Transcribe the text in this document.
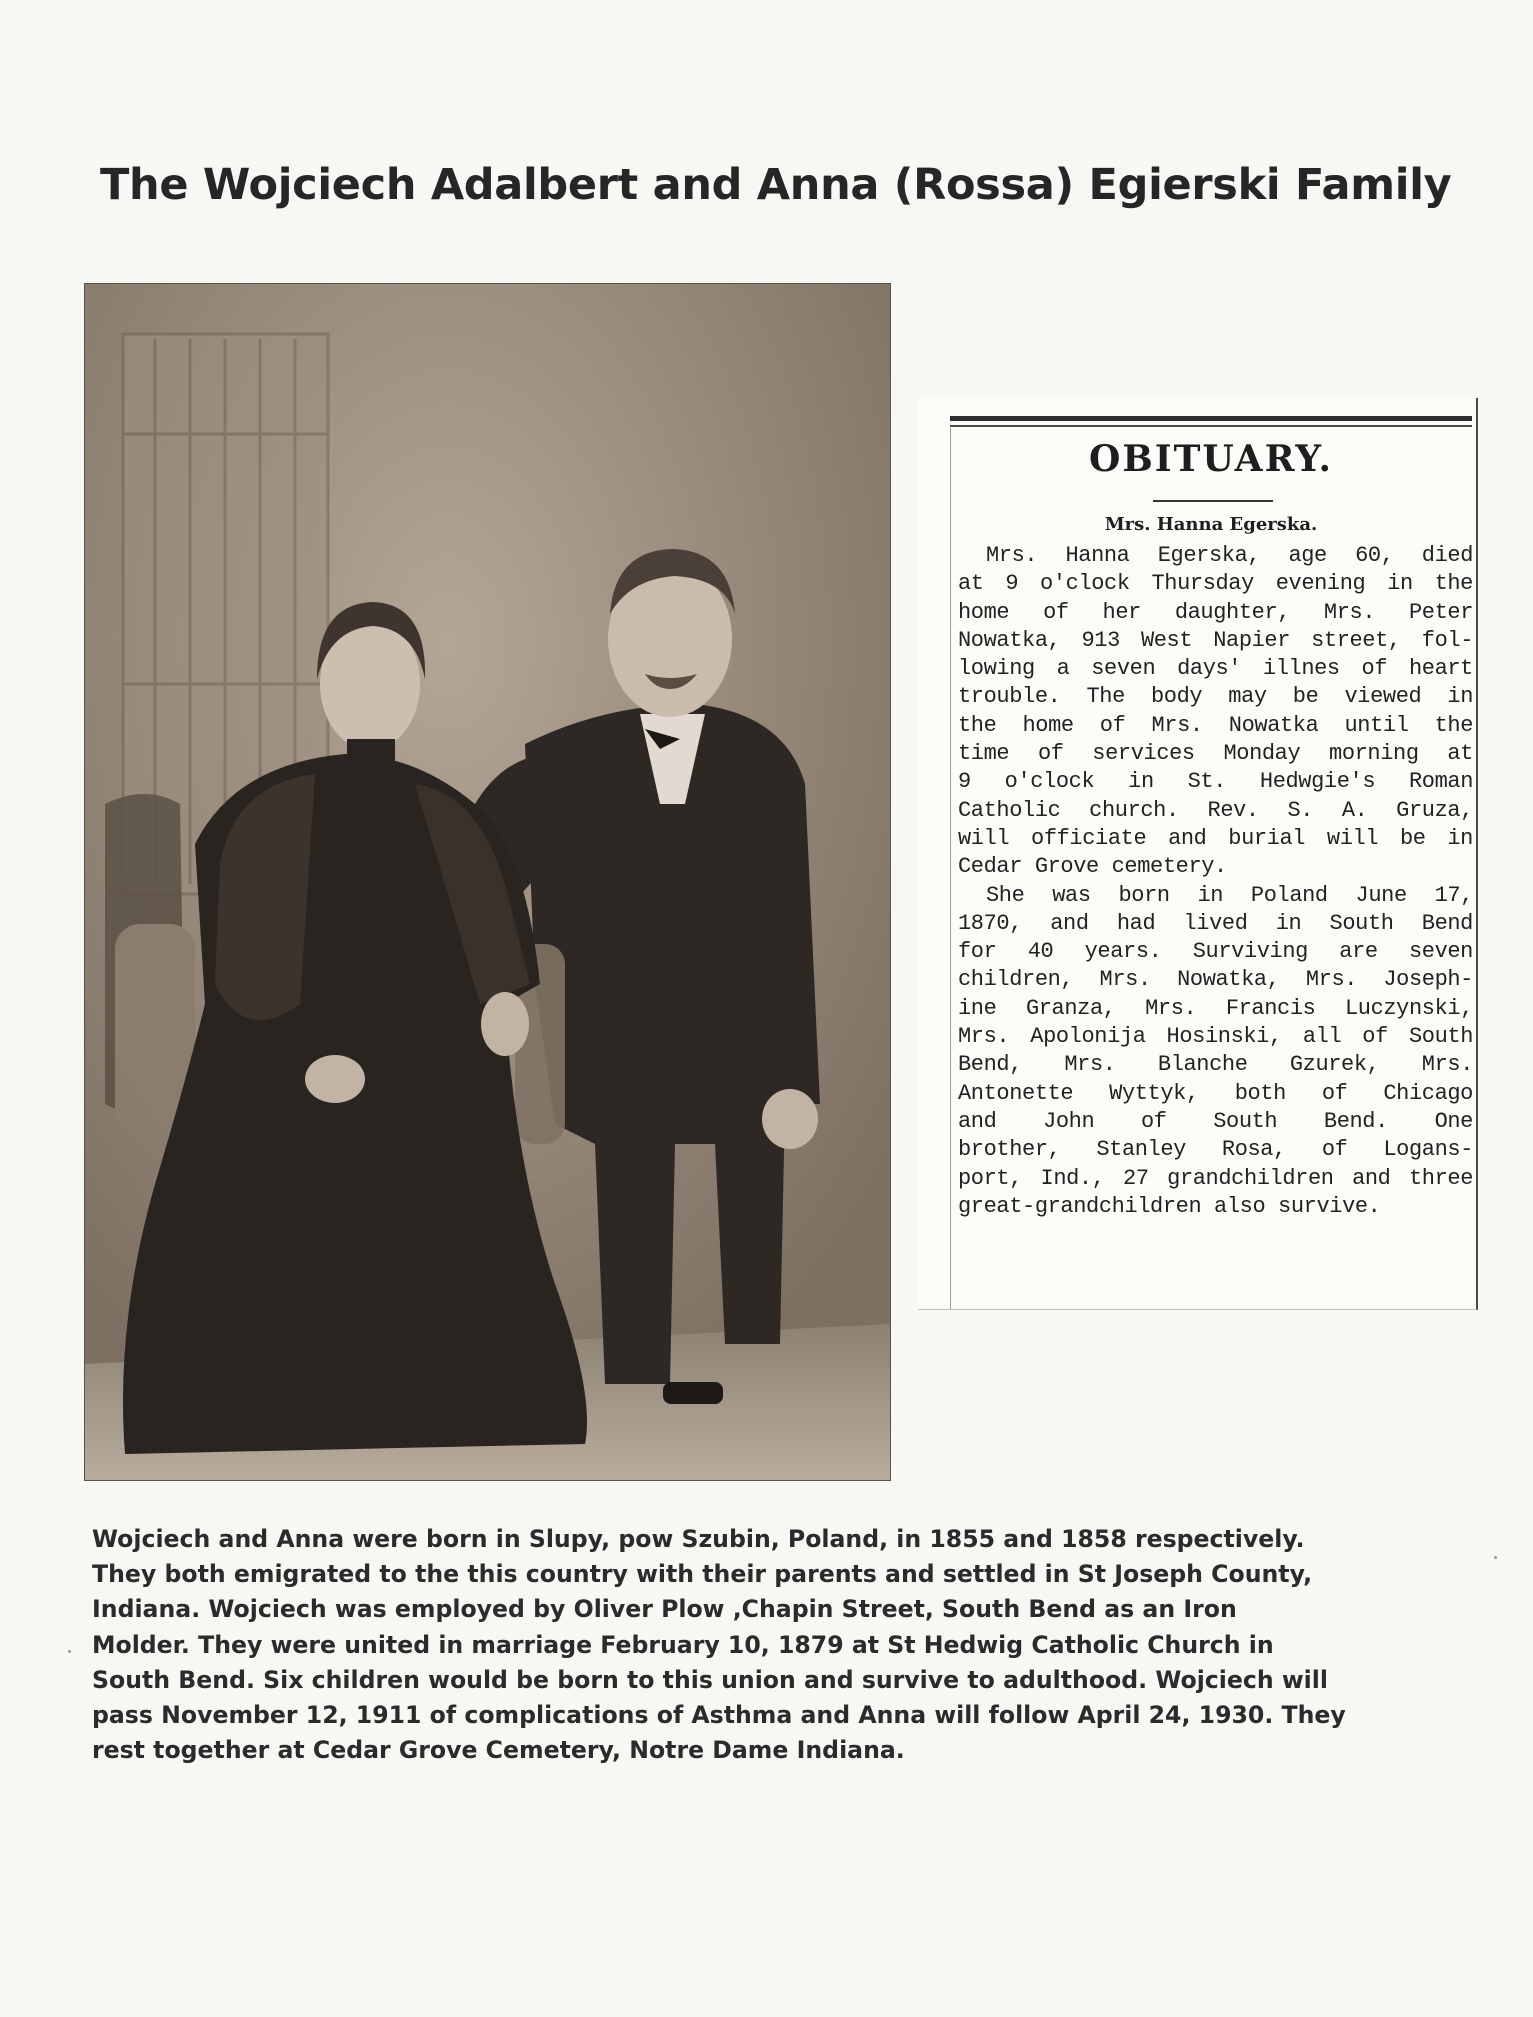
The Wojciech Adalbert and Anna (Rossa) Egierski Family
OBITUARY.
Mrs. Hanna Egerska.
Mrs. Hanna Egerska, age 60, died
at 9 o'clock Thursday evening in the
home of her daughter, Mrs. Peter
Nowatka, 913 West Napier street, fol-
lowing a seven days' illnes of heart
trouble. The body may be viewed in
the home of Mrs. Nowatka until the
time of services Monday morning at
9 o'clock in St. Hedwgie's Roman
Catholic church. Rev. S. A. Gruza,
will officiate and burial will be in
Cedar Grove cemetery.
She was born in Poland June 17,
1870, and had lived in South Bend
for 40 years. Surviving are seven
children, Mrs. Nowatka, Mrs. Joseph-
ine Granza, Mrs. Francis Luczynski,
Mrs. Apolonija Hosinski, all of South
Bend, Mrs. Blanche Gzurek, Mrs.
Antonette Wyttyk, both of Chicago
and John of South Bend. One
brother, Stanley Rosa, of Logans-
port, Ind., 27 grandchildren and three
great-grandchildren also survive.
Wojciech and Anna were born in Slupy, pow Szubin, Poland, in 1855 and 1858 respectively.
They both emigrated to the this country with their parents and settled in St Joseph County,
Indiana. Wojciech was employed by Oliver Plow ,Chapin Street, South Bend as an Iron
Molder. They were united in marriage February 10, 1879 at St Hedwig Catholic Church in
South Bend. Six children would be born to this union and survive to adulthood. Wojciech will
pass November 12, 1911 of complications of Asthma and Anna will follow April 24, 1930. They
rest together at Cedar Grove Cemetery, Notre Dame Indiana.
